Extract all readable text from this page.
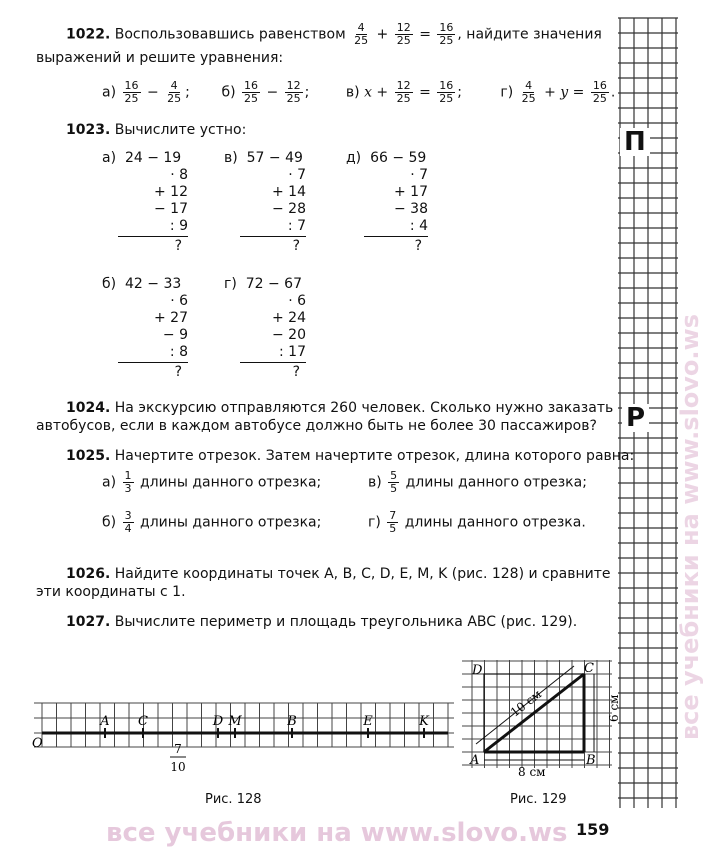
П
Р все учебники на www.slovo.ws
1022. Воспользовавшись равенством $\frac{4}{25} + \frac{12}{25} = \frac{16}{25}$ , найдите значения
выражений и решите уравнения:
$а) \frac{16}{25} - \frac{4}{25}$ ; $б) \frac{16}{25} - \frac{12}{25}$ ;	в) $x + \frac{12}{25} = \frac{16}{25}$ ;	$г) \frac{4}{25} + y = \frac{16}{25}$ .
1023. Вычислите устно:
а) 24 − 19
· 8
+ 12
− 17
: 9
?
в) 57 − 49
· 7
+ 14
− 28
: 7
?
д) 66 − 59
· 7
+ 17
− 38
: 4
?
б) 42 − 33
· 6
+ 27
− 9
: 8
?
г) 72 − 67
· 6
+ 24
− 20
: 17
?
1024. На экскурсию отправляются 260 человек. Сколько нужно заказать
автобусов, если в каждом автобусе должно быть не более 30 пассажиров?
1025. Начертите отрезок. Затем начертите отрезок, длина которого равна:
$а) \frac{1}{3}$ длины данного отрезка;	$в) \frac{5}{5}$ длины данного отрезка;
$б) \frac{3}{4}$ длины данного отрезка;	$г) \frac{7}{5}$ длины данного отрезка.
1026. Найдите координаты точек A, B, C, D, E, M, K (рис. 128) и сравните
эти координаты с 1.
1027. Вычислите периметр и площадь треугольника ABC (рис. 129).
A C	D M	B	E	K
O	7
10
Рис. 128
D	C
A	B
10 см
8 см
6 см
Рис. 129
все учебники на www.slovo.ws 159
